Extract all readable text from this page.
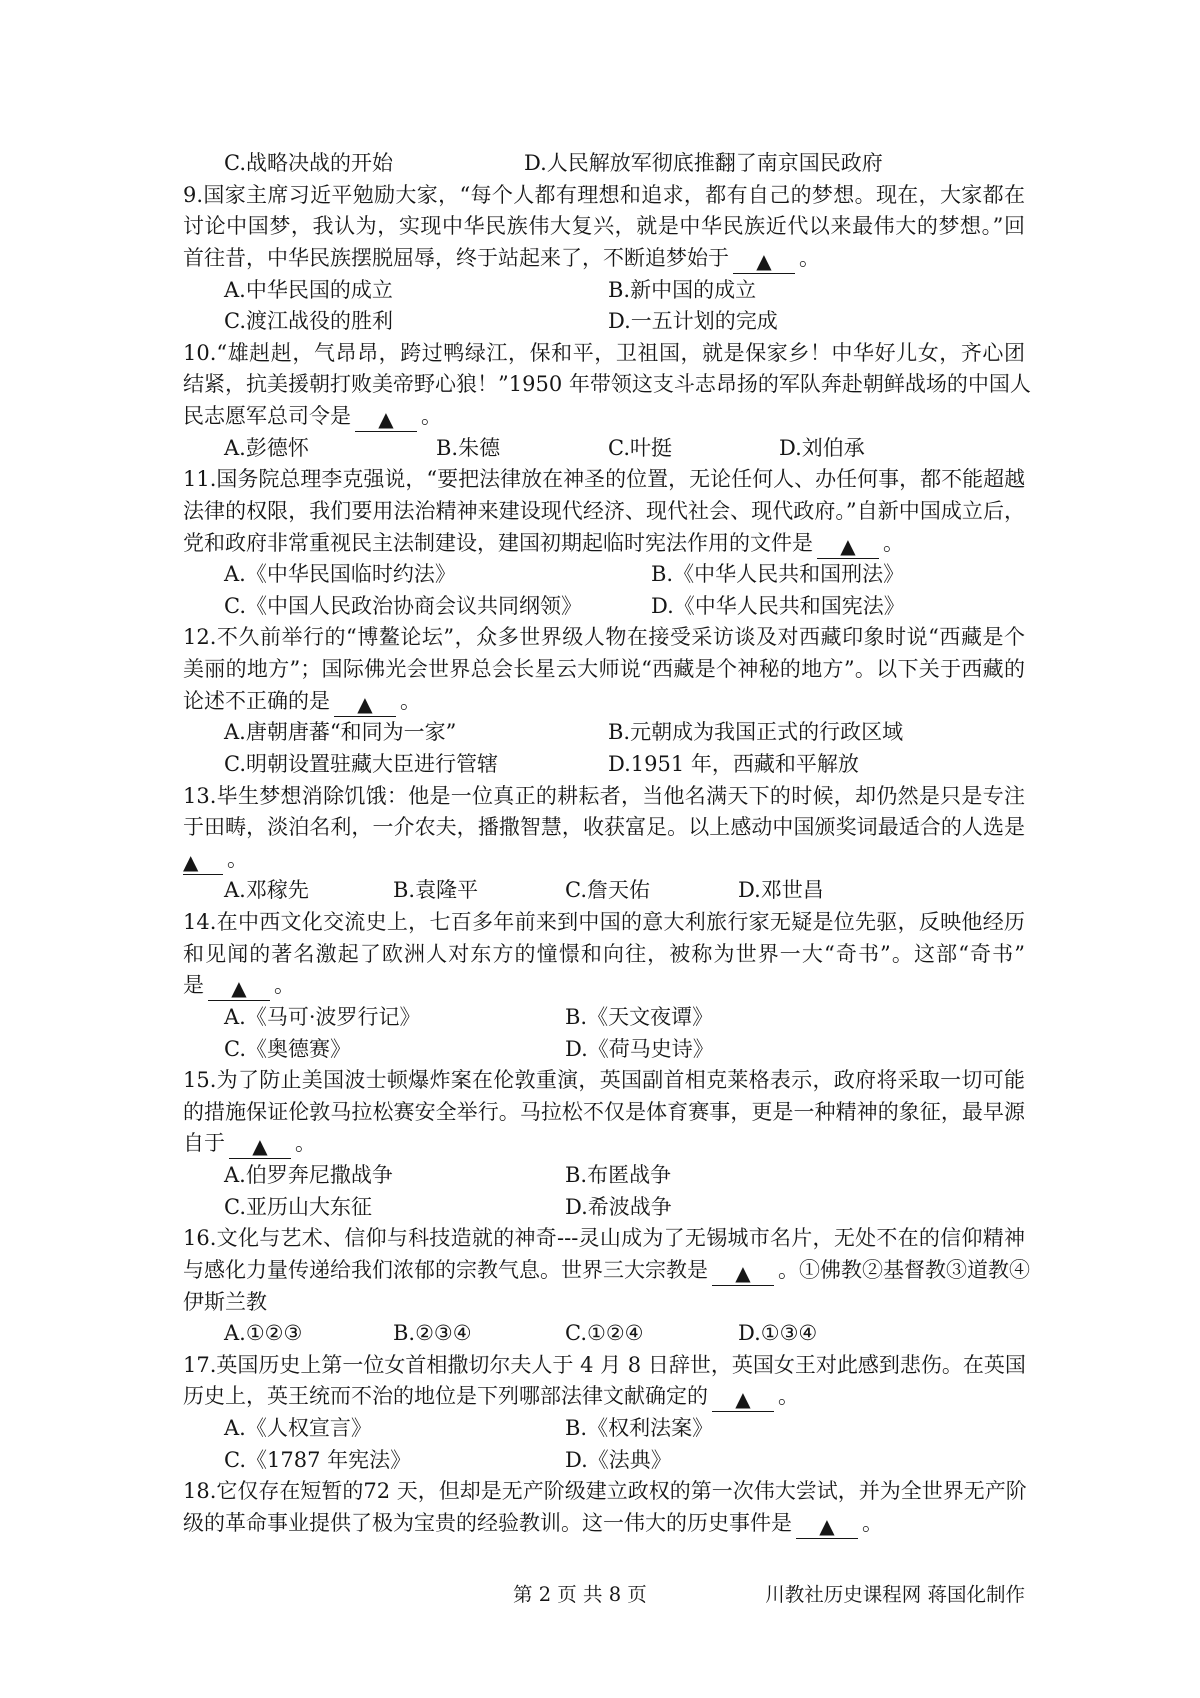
C.战略决战的开始	D.人民解放军彻底推翻了南京国民政府
9.国家主席习近平勉励大家，“每个人都有理想和追求，都有自己的梦想。现在，大家都在
讨论中国梦，我认为，实现中华民族伟大复兴，就是中华民族近代以来最伟大的梦想。”回
首往昔，中华民族摆脱屈辱，终于站起来了，不断追梦始于 ▲ 。
A.中华民国的成立	B.新中国的成立
C.渡江战役的胜利	D.一五计划的完成
10.“雄赳赳，气昂昂，跨过鸭绿江，保和平，卫祖国，就是保家乡！中华好儿女，齐心团
结紧，抗美援朝打败美帝野心狼！”1950 年带领这支斗志昂扬的军队奔赴朝鲜战场的中国人
民志愿军总司令是 ▲ 。
A.彭德怀	B.朱德	C.叶挺	D.刘伯承
11.国务院总理李克强说，“要把法律放在神圣的位置，无论任何人、办任何事，都不能超越
法律的权限，我们要用法治精神来建设现代经济、现代社会、现代政府。”自新中国成立后，
党和政府非常重视民主法制建设，建国初期起临时宪法作用的文件是 ▲ 。
A.《中华民国临时约法》	B.《中华人民共和国刑法》
C.《中国人民政治协商会议共同纲领》	D.《中华人民共和国宪法》
12.不久前举行的“博鳌论坛”，众多世界级人物在接受采访谈及对西藏印象时说“西藏是个
美丽的地方”；国际佛光会世界总会长星云大师说“西藏是个神秘的地方”。以下关于西藏的
论述不正确的是 ▲ 。
A.唐朝唐蕃“和同为一家”	B.元朝成为我国正式的行政区域
C.明朝设置驻藏大臣进行管辖	D.1951 年，西藏和平解放
13.毕生梦想消除饥饿：他是一位真正的耕耘者，当他名满天下的时候，却仍然是只是专注
于田畴，淡泊名利，一介农夫，播撒智慧，收获富足。以上感动中国颁奖词最适合的人选是
▲ 。
A.邓稼先	B.袁隆平	C.詹天佑	D.邓世昌
14.在中西文化交流史上，七百多年前来到中国的意大利旅行家无疑是位先驱，反映他经历
和见闻的著名激起了欧洲人对东方的憧憬和向往，被称为世界一大“奇书”。这部“奇书”
是 ▲ 。
A.《马可·波罗行记》	B.《天文夜谭》
C.《奥德赛》	D.《荷马史诗》
15.为了防止美国波士顿爆炸案在伦敦重演，英国副首相克莱格表示，政府将采取一切可能
的措施保证伦敦马拉松赛安全举行。马拉松不仅是体育赛事，更是一种精神的象征，最早源
自于 ▲ 。
A.伯罗奔尼撒战争	B.布匿战争
C.亚历山大东征	D.希波战争
16.文化与艺术、信仰与科技造就的神奇---灵山成为了无锡城市名片，无处不在的信仰精神
与感化力量传递给我们浓郁的宗教气息。世界三大宗教是 ▲ 。①佛教②基督教③道教④
伊斯兰教
A.①②③	B.②③④	C.①②④	D.①③④
17.英国历史上第一位女首相撒切尔夫人于 4 月 8 日辞世，英国女王对此感到悲伤。在英国
历史上，英王统而不治的地位是下列哪部法律文献确定的 ▲ 。
A.《人权宣言》	B.《权利法案》
C.《1787 年宪法》	D.《法典》
18.它仅存在短暂的72 天，但却是无产阶级建立政权的第一次伟大尝试，并为全世界无产阶
级的革命事业提供了极为宝贵的经验教训。这一伟大的历史事件是 ▲ 。
第 2 页 共 8 页	川教社历史课程网 蒋国化制作
